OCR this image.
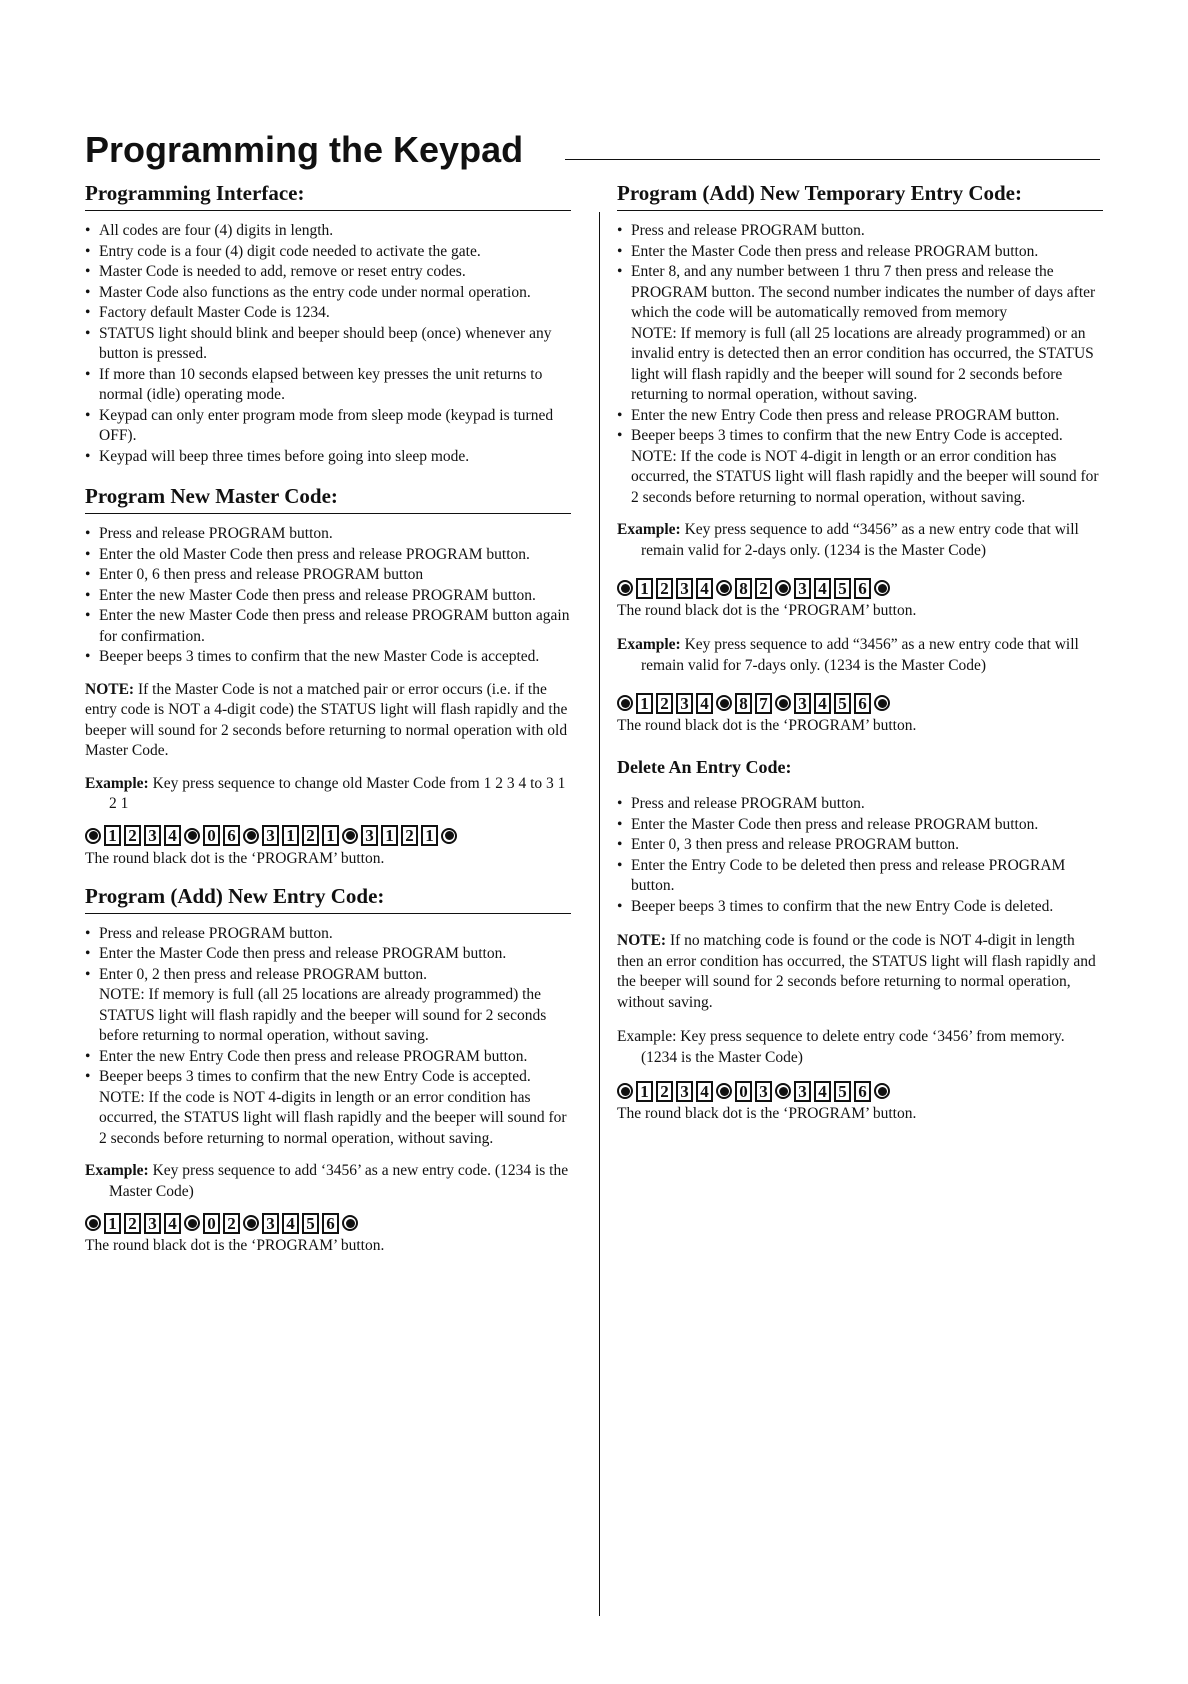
Programming the Keypad
Programming Interface:
• All codes are four (4) digits in length.
• Entry code is a four (4) digit code needed to activate the gate.
• Master Code is needed to add, remove or reset entry codes.
• Master Code also functions as the entry code under normal operation.
• Factory default Master Code is 1234.
• STATUS light should blink and beeper should beep (once) whenever any button is pressed.
• If more than 10 seconds elapsed between key presses the unit returns to normal (idle) operating mode.
• Keypad can only enter program mode from sleep mode (keypad is turned OFF).
• Keypad will beep three times before going into sleep mode.
Program New Master Code:
• Press and release PROGRAM button.
• Enter the old Master Code then press and release PROGRAM button.
• Enter 0, 6 then press and release PROGRAM button
• Enter the new Master Code then press and release PROGRAM button.
• Enter the new Master Code then press and release PROGRAM button again for confirmation.
• Beeper beeps 3 times to confirm that the new Master Code is accepted.

NOTE: If the Master Code is not a matched pair or error occurs (i.e. if the entry code is NOT a 4-digit code) the STATUS light will flash rapidly and the beeper will sound for 2 seconds before returning to normal operation with old Master Code.

Example: Key press sequence to change old Master Code from 1 2 3 4 to 3 1 2 1

1 2 3 4 0 6 3 1 2 1 3 1 2 1

The round black dot is the ‘PROGRAM’ button.

Program (Add) New Entry Code:
• Press and release PROGRAM button.
• Enter the Master Code then press and release PROGRAM button.
• Enter 0, 2 then press and release PROGRAM button.
NOTE: If memory is full (all 25 locations are already programmed) the STATUS light will flash rapidly and the beeper will sound for 2 seconds before returning to normal operation, without saving.
• Enter the new Entry Code then press and release PROGRAM button.
• Beeper beeps 3 times to confirm that the new Entry Code is accepted.
NOTE: If the code is NOT 4-digits in length or an error condition has occurred, the STATUS light will flash rapidly and the beeper will sound for 2 seconds before returning to normal operation, without saving.

Example: Key press sequence to add ‘3456’ as a new entry code. (1234 is the Master Code)

1 2 3 4 0 2 3 4 5 6

The round black dot is the ‘PROGRAM’ button.

Program (Add) New Temporary Entry Code:
• Press and release PROGRAM button.
• Enter the Master Code then press and release PROGRAM button.
• Enter 8, and any number between 1 thru 7 then press and release the PROGRAM button. The second number indicates the number of days after which the code will be automatically removed from memory
NOTE: If memory is full (all 25 locations are already programmed) or an invalid entry is detected then an error condition has occurred, the STATUS light will flash rapidly and the beeper will sound for 2 seconds before returning to normal operation, without saving.
• Enter the new Entry Code then press and release PROGRAM button.
• Beeper beeps 3 times to confirm that the new Entry Code is accepted.
NOTE: If the code is NOT 4-digit in length or an error condition has occurred, the STATUS light will flash rapidly and the beeper will sound for 2 seconds before returning to normal operation, without saving.

Example: Key press sequence to add “3456” as a new entry code that will remain valid for 2-days only. (1234 is the Master Code)

1 2 3 4 8 2 3 4 5 6

The round black dot is the ‘PROGRAM’ button.

Example: Key press sequence to add “3456” as a new entry code that will remain valid for 7-days only. (1234 is the Master Code)

1 2 3 4 8 7 3 4 5 6

The round black dot is the ‘PROGRAM’ button.

Delete An Entry Code:
• Press and release PROGRAM button.
• Enter the Master Code then press and release PROGRAM button.
• Enter 0, 3 then press and release PROGRAM button.
• Enter the Entry Code to be deleted then press and release PROGRAM button.
• Beeper beeps 3 times to confirm that the new Entry Code is deleted.

NOTE: If no matching code is found or the code is NOT 4-digit in length then an error condition has occurred, the STATUS light will flash rapidly and the beeper will sound for 2 seconds before returning to normal operation, without saving.

Example: Key press sequence to delete entry code ‘3456’ from memory. (1234 is the Master Code)

1 2 3 4 0 3 3 4 5 6

The round black dot is the ‘PROGRAM’ button.
